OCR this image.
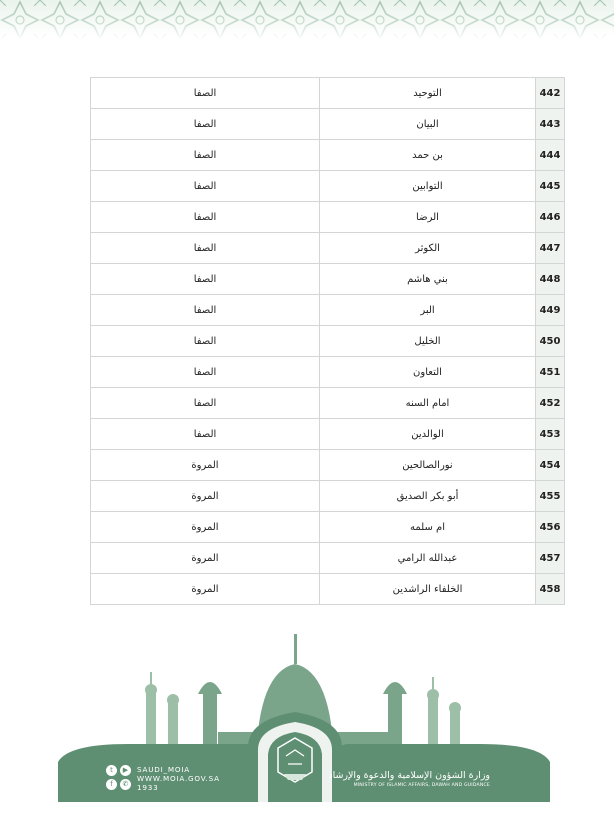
الصفا	التوحيد	442
الصفا	البيان	443
الصفا	بن حمد	444
الصفا	التوابين	445
الصفا	الرضا	446
الصفا	الكوثر	447
الصفا	بني هاشم	448
الصفا	البر	449
الصفا	الخليل	450
الصفا	التعاون	451
الصفا	امام السنه	452
الصفا	الوالدين	453
المروة	نورالصالحين	454
المروة	أبو بكر الصديق	455
المروة	ام سلمه	456
المروة	عبدالله الرامي	457
المروة	الخلفاء الراشدين	458
t	▶
f	✆
SAUDI_MOIA
WWW.MOIA.GOV.SA
1933
وزارة الشؤون الإسلامية والدعوة والإرشاد
MINISTRY OF ISLAMIC AFFAIRS, DAWAH AND GUIDANCE
